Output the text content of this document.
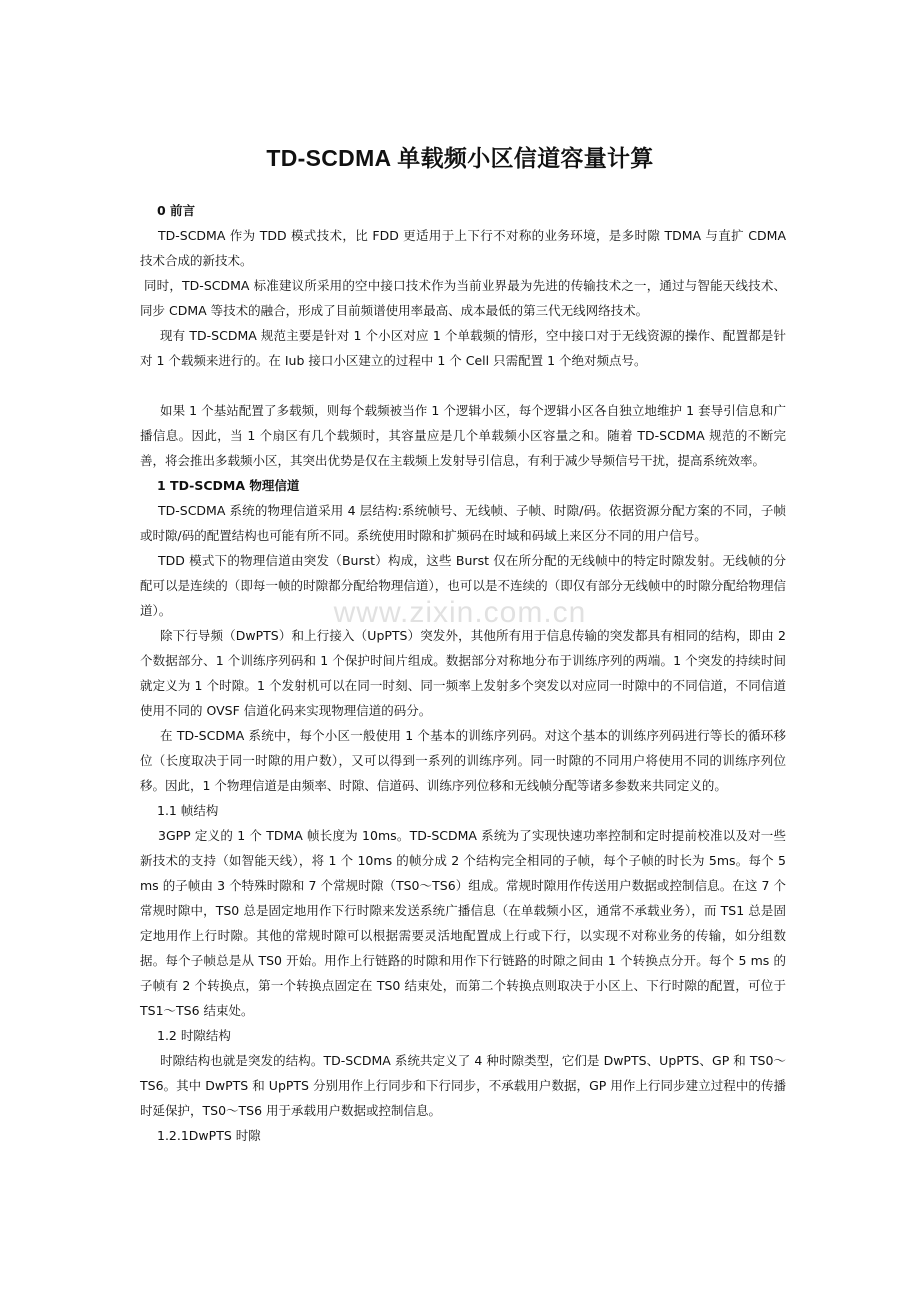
TD-SCDMA 单载频小区信道容量计算
www.zixin.com.cn

0 前言

TD-SCDMA 作为 TDD 模式技术，比 FDD 更适用于上下行不对称的业务环境，是多时隙 TDMA 与直扩 CDMA 技术合成的新技术。

同时，TD-SCDMA 标准建议所采用的空中接口技术作为当前业界最为先进的传输技术之一，通过与智能天线技术、同步 CDMA 等技术的融合，形成了目前频谱使用率最高、成本最低的第三代无线网络技术。

现有 TD-SCDMA 规范主要是针对 1 个小区对应 1 个单载频的情形，空中接口对于无线资源的操作、配置都是针对 1 个载频来进行的。在 Iub 接口小区建立的过程中 1 个 Cell 只需配置 1 个绝对频点号。

如果 1 个基站配置了多载频，则每个载频被当作 1 个逻辑小区，每个逻辑小区各自独立地维护 1 套导引信息和广播信息。因此，当 1 个扇区有几个载频时，其容量应是几个单载频小区容量之和。随着 TD-SCDMA 规范的不断完善，将会推出多载频小区，其突出优势是仅在主载频上发射导引信息，有利于减少导频信号干扰，提高系统效率。

1 TD-SCDMA 物理信道

TD-SCDMA 系统的物理信道采用 4 层结构:系统帧号、无线帧、子帧、时隙/码。依据资源分配方案的不同，子帧或时隙/码的配置结构也可能有所不同。系统使用时隙和扩频码在时域和码域上来区分不同的用户信号。

TDD 模式下的物理信道由突发（Burst）构成，这些 Burst 仅在所分配的无线帧中的特定时隙发射。无线帧的分配可以是连续的（即每一帧的时隙都分配给物理信道），也可以是不连续的（即仅有部分无线帧中的时隙分配给物理信道）。

除下行导频（DwPTS）和上行接入（UpPTS）突发外，其他所有用于信息传输的突发都具有相同的结构，即由 2 个数据部分、1 个训练序列码和 1 个保护时间片组成。数据部分对称地分布于训练序列的两端。1 个突发的持续时间就定义为 1 个时隙。1 个发射机可以在同一时刻、同一频率上发射多个突发以对应同一时隙中的不同信道，不同信道使用不同的 OVSF 信道化码来实现物理信道的码分。

在 TD-SCDMA 系统中，每个小区一般使用 1 个基本的训练序列码。对这个基本的训练序列码进行等长的循环移位（长度取决于同一时隙的用户数），又可以得到一系列的训练序列。同一时隙的不同用户将使用不同的训练序列位移。因此，1 个物理信道是由频率、时隙、信道码、训练序列位移和无线帧分配等诸多参数来共同定义的。

1.1 帧结构

3GPP 定义的 1 个 TDMA 帧长度为 10ms。TD-SCDMA 系统为了实现快速功率控制和定时提前校准以及对一些新技术的支持（如智能天线），将 1 个 10ms 的帧分成 2 个结构完全相同的子帧，每个子帧的时长为 5ms。每个 5 ms 的子帧由 3 个特殊时隙和 7 个常规时隙（TS0～TS6）组成。常规时隙用作传送用户数据或控制信息。在这 7 个常规时隙中，TS0 总是固定地用作下行时隙来发送系统广播信息（在单载频小区，通常不承载业务），而 TS1 总是固定地用作上行时隙。其他的常规时隙可以根据需要灵活地配置成上行或下行，以实现不对称业务的传输，如分组数据。每个子帧总是从 TS0 开始。用作上行链路的时隙和用作下行链路的时隙之间由 1 个转换点分开。每个 5 ms 的子帧有 2 个转换点，第一个转换点固定在 TS0 结束处，而第二个转换点则取决于小区上、下行时隙的配置，可位于 TS1～TS6 结束处。

1.2 时隙结构

时隙结构也就是突发的结构。TD-SCDMA 系统共定义了 4 种时隙类型，它们是 DwPTS、UpPTS、GP 和 TS0～TS6。其中 DwPTS 和 UpPTS 分别用作上行同步和下行同步，不承载用户数据，GP 用作上行同步建立过程中的传播时延保护，TS0～TS6 用于承载用户数据或控制信息。

1.2.1DwPTS 时隙
